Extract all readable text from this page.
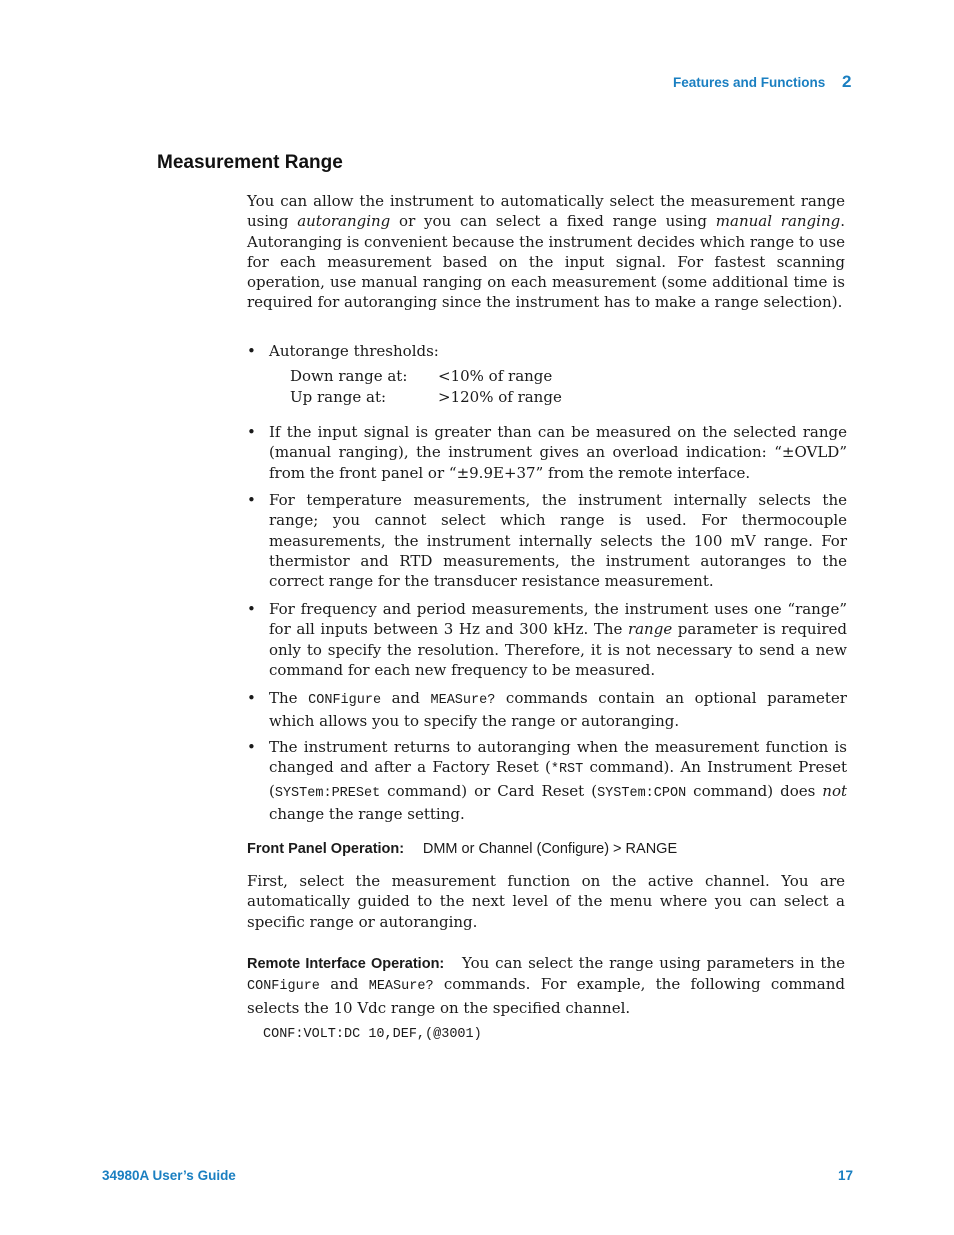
Features and Functions 2
Measurement Range

You can allow the instrument to automatically select the measurement range using autoranging or you can select a fixed range using manual ranging. Autoranging is convenient because the instrument decides which range to use for each measurement based on the input signal. For fastest scanning operation, use manual ranging on each measurement (some additional time is required for autoranging since the instrument has to make a range selection).

• Autorange thresholds:
Down range at: <10% of range
Up range at:	>120% of range
• If the input signal is greater than can be measured on the selected range (manual ranging), the instrument gives an overload indication: “±OVLD” from the front panel or “±9.9E+37” from the remote interface.
• For temperature measurements, the instrument internally selects the range; you cannot select which range is used. For thermocouple measurements, the instrument internally selects the 100 mV range. For thermistor and RTD measurements, the instrument autoranges to the correct range for the transducer resistance measurement.
• For frequency and period measurements, the instrument uses one “range” for all inputs between 3 Hz and 300 kHz. The range parameter is required only to specify the resolution. Therefore, it is not necessary to send a new command for each new frequency to be measured.
• The CONFigure and MEASure? commands contain an optional parameter which allows you to specify the range or autoranging.
• The instrument returns to autoranging when the measurement function is changed and after a Factory Reset (*RST command). An Instrument Preset (SYSTem:PRESet command) or Card Reset (SYSTem:CPON command) does not change the range setting.
Front Panel Operation: DMM or Channel (Configure) > RANGE

First, select the measurement function on the active channel. You are automatically guided to the next level of the menu where you can select a specific range or autoranging.

Remote Interface Operation: You can select the range using parameters in the CONFigure and MEASure? commands. For example, the following command selects the 10 Vdc range on the specified channel.

CONF:VOLT:DC 10,DEF,(@3001)
34980A User’s Guide	17
